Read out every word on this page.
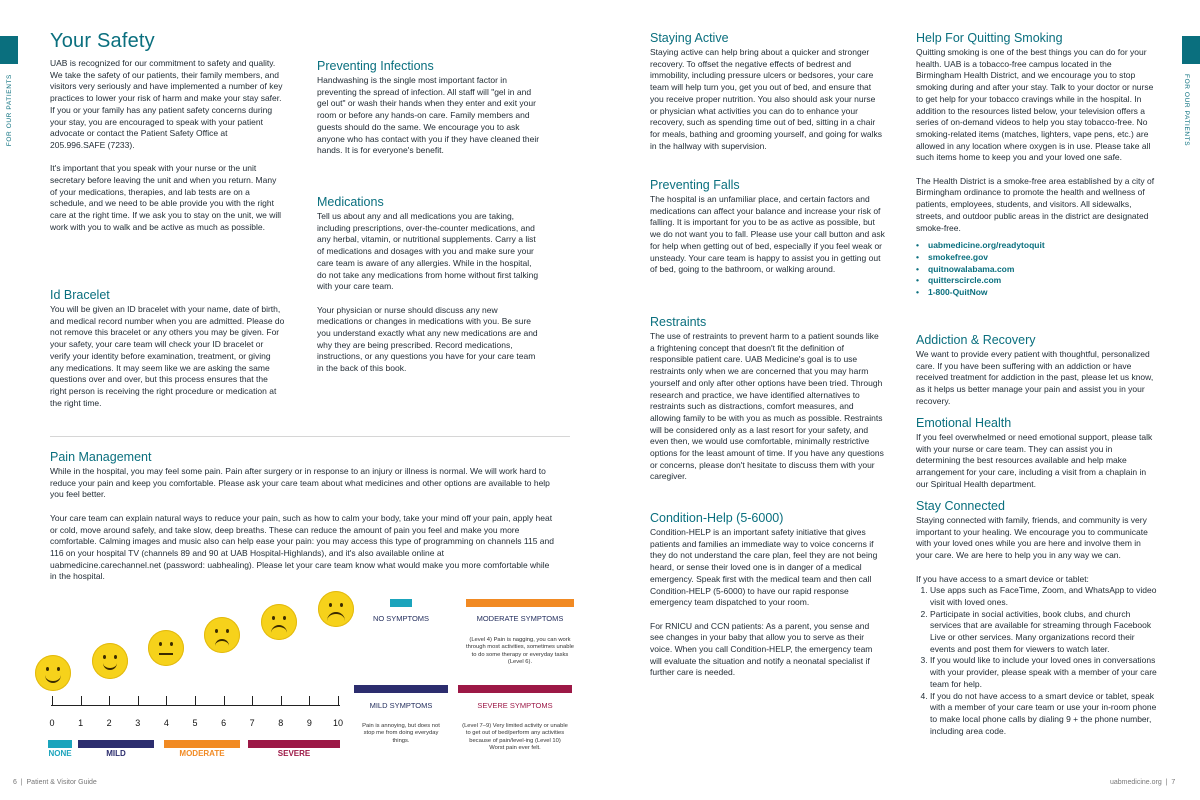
FOR OUR PATIENTS	FOR OUR PATIENTS
Your Safety

UAB is recognized for our commitment to safety and quality. We take the safety of our patients, their family members, and visitors very seriously and have implemented a number of key practices to lower your risk of harm and make your stay safer. If you or your family has any patient safety concerns during your stay, you are encouraged to speak with your patient advocate or contact the Patient Safety Office at 205.996.SAFE (7233).

It's important that you speak with your nurse or the unit secretary before leaving the unit and when you return. Many of your medications, therapies, and lab tests are on a schedule, and we need to be able provide you with the right care at the right time. If we ask you to stay on the unit, we will work with you to walk and be active as much as possible.

Id Bracelet

You will be given an ID bracelet with your name, date of birth, and medical record number when you are admitted. Please do not remove this bracelet or any others you may be given. For your safety, your care team will check your ID bracelet or verify your identity before examination, treatment, or giving any medications. It may seem like we are asking the same questions over and over, but this process ensures that the right person is receiving the right procedure or medication at the right time.

Preventing Infections

Handwashing is the single most important factor in preventing the spread of infection. All staff will "gel in and gel out" or wash their hands when they enter and exit your room or before any hands-on care. Family members and guests should do the same. We encourage you to ask anyone who has contact with you if they have cleaned their hands. It is for everyone's benefit.

Medications

Tell us about any and all medications you are taking, including prescriptions, over-the-counter medications, and any herbal, vitamin, or nutritional supplements. Carry a list of medications and dosages with you and make sure your care team is aware of any allergies. While in the hospital, do not take any medications from home without first talking with your care team.

Your physician or nurse should discuss any new medications or changes in medications with you. Be sure you understand exactly what any new medications are and why they are being prescribed. Record medications, instructions, or any questions you have for your care team in the back of this book.

Pain Management

While in the hospital, you may feel some pain. Pain after surgery or in response to an injury or illness is normal. We will work hard to reduce your pain and keep you comfortable. Please ask your care team about what medicines and other options are available to help you feel better.

Your care team can explain natural ways to reduce your pain, such as how to calm your body, take your mind off your pain, apply heat or cold, move around safely, and take slow, deep breaths. These can reduce the amount of pain you feel and make you more comfortable. Calming images and music also can help ease your pain: you may access this type of programming on channels 115 and 116 on your hospital TV (channels 89 and 90 at UAB Hospital-Highlands), and it's also available online at uabmedicine.carechannel.net (password: uabhealing). Please let your care team know what would make you more comfortable while in the hospital.

0	1	2	3	4	5	6	7	8	9	10
NONE	MILD	MODERATE	SEVERE
NO SYMPTOMS	MODERATE SYMPTOMS
(Level 4) Pain is nagging, you can work through most activities, sometimes unable to do some therapy or everyday tasks (Level 6).
MILD SYMPTOMS
Pain is annoying, but does not stop me from doing everyday things.
SEVERE SYMPTOMS
(Level 7–9) Very limited activity or unable to get out of bed/perform any activities because of pain/level-ing (Level 10) Worst pain ever felt.
Staying Active

Staying active can help bring about a quicker and stronger recovery. To offset the negative effects of bedrest and immobility, including pressure ulcers or bedsores, your care team will help turn you, get you out of bed, and ensure that you receive proper nutrition. You also should ask your nurse or physician what activities you can do to enhance your recovery, such as spending time out of bed, sitting in a chair for meals, bathing and grooming yourself, and going for walks in the hallway with supervision.

Preventing Falls

The hospital is an unfamiliar place, and certain factors and medications can affect your balance and increase your risk of falling. It is important for you to be as active as possible, but we do not want you to fall. Please use your call button and ask for help when getting out of bed, especially if you feel weak or unsteady. Your care team is happy to assist you in getting out of bed, going to the bathroom, or walking around.

Restraints

The use of restraints to prevent harm to a patient sounds like a frightening concept that doesn't fit the definition of responsible patient care. UAB Medicine's goal is to use restraints only when we are concerned that you may harm yourself and only after other options have been tried. Through research and practice, we have identified alternatives to restraints such as distractions, comfort measures, and allowing family to be with you as much as possible. Restraints will be considered only as a last resort for your safety, and even then, we would use comfortable, minimally restrictive options for the least amount of time. If you have any questions or concerns, please don't hesitate to discuss them with your caregiver.

Condition-Help (5-6000)

Condition-HELP is an important safety initiative that gives patients and families an immediate way to voice concerns if they do not understand the care plan, feel they are not being heard, or sense their loved one is in danger of a medical emergency. Speak first with the medical team and then call Condition-HELP (5-6000) to have our rapid response emergency team dispatched to your room.

For RNICU and CCN patients: As a parent, you sense and see changes in your baby that allow you to serve as their voice. When you call Condition-HELP, the emergency team will evaluate the situation and notify a neonatal specialist if further care is needed.

Help For Quitting Smoking

Quitting smoking is one of the best things you can do for your health. UAB is a tobacco-free campus located in the Birmingham Health District, and we encourage you to stop smoking during and after your stay. Talk to your doctor or nurse to get help for your tobacco cravings while in the hospital. In addition to the resources listed below, your television offers a series of on-demand videos to help you stay tobacco-free. No smoking-related items (matches, lighters, vape pens, etc.) are allowed in any location where oxygen is in use. Please take all such items home to keep you and your loved one safe.

The Health District is a smoke-free area established by a city of Birmingham ordinance to promote the health and wellness of patients, employees, students, and visitors. All sidewalks, streets, and outdoor public areas in the district are designated smoke-free.

• uabmedicine.org/readytoquit
• smokefree.gov
• quitnowalabama.com
• quitterscircle.com
• 1-800-QuitNow
Addiction & Recovery

We want to provide every patient with thoughtful, personalized care. If you have been suffering with an addiction or have received treatment for addiction in the past, please let us know, as it helps us better manage your pain and assist you in your recovery.

Emotional Health

If you feel overwhelmed or need emotional support, please talk with your nurse or care team. They can assist you in determining the best resources available and help make arrangement for your care, including a visit from a chaplain in our Spiritual Health department.

Stay Connected

Staying connected with family, friends, and community is very important to your healing. We encourage you to communicate with your loved ones while you are here and involve them in your care. We are here to help you in any way we can.

If you have access to a smart device or tablet:

1. Use apps such as FaceTime, Zoom, and WhatsApp to video visit with loved ones.
2. Participate in social activities, book clubs, and church services that are available for streaming through Facebook Live or other services. Many organizations record their events and post them for viewers to watch later.
3. If you would like to include your loved ones in conversations with your provider, please speak with a member of your care team for help.
4. If you do not have access to a smart device or tablet, speak with a member of your care team or use your in-room phone to make local phone calls by dialing 9 + the phone number, including area code.
6 | Patient & Visitor Guide	uabmedicine.org | 7
